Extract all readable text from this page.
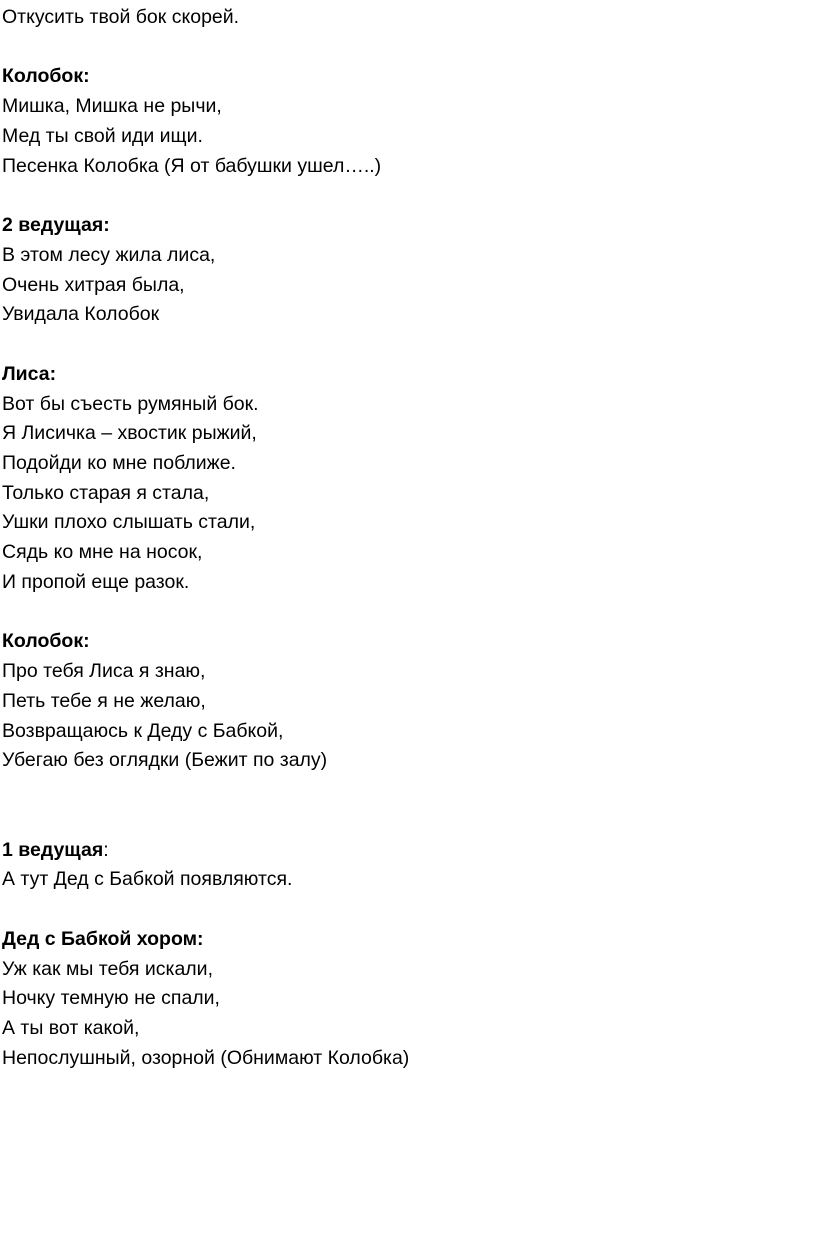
Откусить твой бок скорей.
Колобок:
Мишка, Мишка не рычи,
Мед ты свой иди ищи.
Песенка Колобка (Я от бабушки ушел…..)
2 ведущая:
В этом лесу жила лиса,
Очень хитрая была,
Увидала Колобок
Лиса:
Вот бы съесть румяный бок.
Я Лисичка – хвостик рыжий,
Подойди ко мне поближе.
Только старая я стала,
Ушки плохо слышать стали,
Сядь ко мне на носок,
И пропой еще разок.
Колобок:
Про тебя Лиса я знаю,
Петь тебе я не желаю,
Возвращаюсь к Деду с Бабкой,
Убегаю без оглядки (Бежит по залу)
1 ведущая:
А тут Дед с Бабкой появляются.
Дед с Бабкой хором:
Уж как мы тебя искали,
Ночку темную не спали,
А ты вот какой,
Непослушный, озорной (Обнимают Колобка)
